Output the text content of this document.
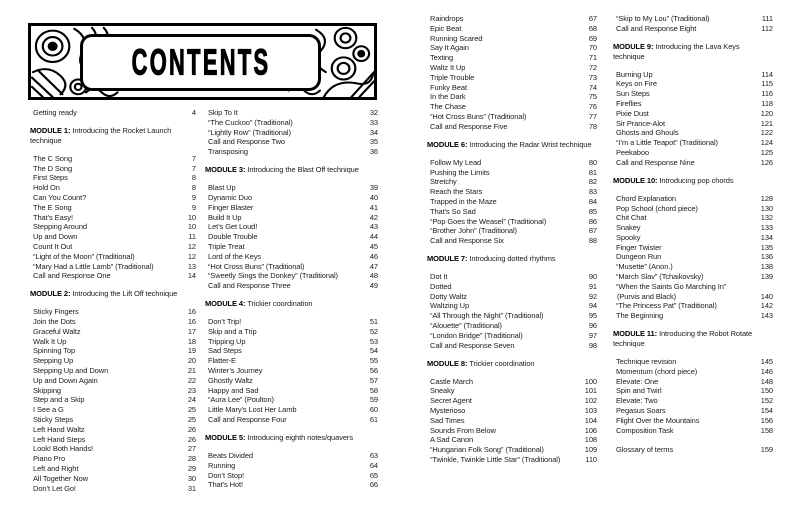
CONTENTS
Getting ready	4
MODULE 1: Introducing the Rocket Launch technique
The C Song	7
The D Song	7
First Steps	8
Hold On	8
Can You Count?	9
The E Song	9
That’s Easy!	10
Stepping Around	10
Up and Down	11
Count It Out	12
“Light of the Moon” (Traditional)	12
“Mary Had a Little Lamb” (Traditional)	13
Call and Response One	14
MODULE 2: Introducing the Lift Off technique
Sticky Fingers	16
Join the Dots	16
Graceful Waltz	17
Walk It Up	18
Spinning Top	19
Stepping Up	20
Stepping Up and Down	21
Up and Down Again	22
Skipping	23
Step and a Skip	24
I See a G	25
Sticky Steps	25
Left Hand Waltz	26
Left Hand Steps	26
Look! Both Hands!	27
Piano Pro	28
Left and Right	29
All Together Now	30
Don’t Let Go!	31
Skip To It	32
“The Cuckoo” (Traditional)	33
“Lightly Row” (Traditional)	34
Call and Response Two	35
Transposing	36
MODULE 3: Introducing the Blast Off technique
Blast Up	39
Dynamic Duo	40
Finger Blaster	41
Build It Up	42
Let’s Get Loud!	43
Double Trouble	44
Triple Treat	45
Lord of the Keys	46
“Hot Cross Buns” (Traditional)	47
“Sweetly Sings the Donkey” (Traditional)	48
Call and Response Three	49
MODULE 4: Trickier coordination
Don’t Trip!	51
Skip and a Trip	52
Tripping Up	53
Sad Steps	54
Flatter-E	55
Winter’s Journey	56
Ghostly Waltz	57
Happy and Sad	58
“Aura Lee” (Poulton)	59
Little Mary’s Lost Her Lamb	60
Call and Response Four	61
MODULE 5: Introducing eighth notes/quavers
Beats Divided	63
Running	64
Don’t Stop!	65
That’s Hot!	66
Raindrops	67
Epic Beat	68
Running Scared	69
Say It Again	70
Texting	71
Waltz It Up	72
Triple Trouble	73
Funky Beat	74
In the Dark	75
The Chase	76
“Hot Cross Buns” (Traditional)	77
Call and Response Five	78
MODULE 6: Introducing the Radar Wrist technique
Follow My Lead	80
Pushing the Limits	81
Stretchy	82
Reach the Stars	83
Trapped in the Maze	84
That’s So Sad	85
“Pop Goes the Weasel” (Traditional)	86
“Brother John” (Traditional)	87
Call and Response Six	88
MODULE 7: Introducing dotted rhythms
Dot It	90
Dotted	91
Dotty Waltz	92
Waltzing Up	94
“All Through the Night” (Traditional)	95
“Alouette” (Traditional)	96
“London Bridge” (Traditional)	97
Call and Response Seven	98
MODULE 8: Trickier coordination
Castle March	100
Sneaky	101
Secret Agent	102
Mysterioso	103
Sad Times	104
Sounds From Below	106
A Sad Canon	108
“Hungarian Folk Song” (Traditional)	109
“Twinkle, Twinkle Little Star” (Traditional)	110
“Skip to My Lou” (Traditional)	111
Call and Response Eight	112
MODULE 9: Introducing the Lava Keys technique
Burning Up	114
Keys on Fire	115
Sun Steps	116
Fireflies	118
Pixie Dust	120
Sir Prance-Alot	121
Ghosts and Ghouls	122
“I’m a Little Teapot” (Traditional)	124
Peekaboo	125
Call and Response Nine	126
MODULE 10: Introducing pop chords
Chord Explanation	128
Pop School (chord piece)	130
Chit Chat	132
Snakey	133
Spooky	134
Finger Twister	135
Dungeon Run	136
“Musette” (Anon.)	138
“March Slav” (Tchaikovsky)	139
“When the Saints Go Marching In”
(Purvis and Black)	140
“The Princess Pat” (Traditional)	142
The Beginning	143
MODULE 11: Introducing the Robot Rotate technique
Technique revision	145
Momentum (chord piece)	146
Elevate: One	148
Spin and Twirl	150
Elevate: Two	152
Pegasus Soars	154
Flight Over the Mountains	156
Composition Task	158
Glossary of terms	159
